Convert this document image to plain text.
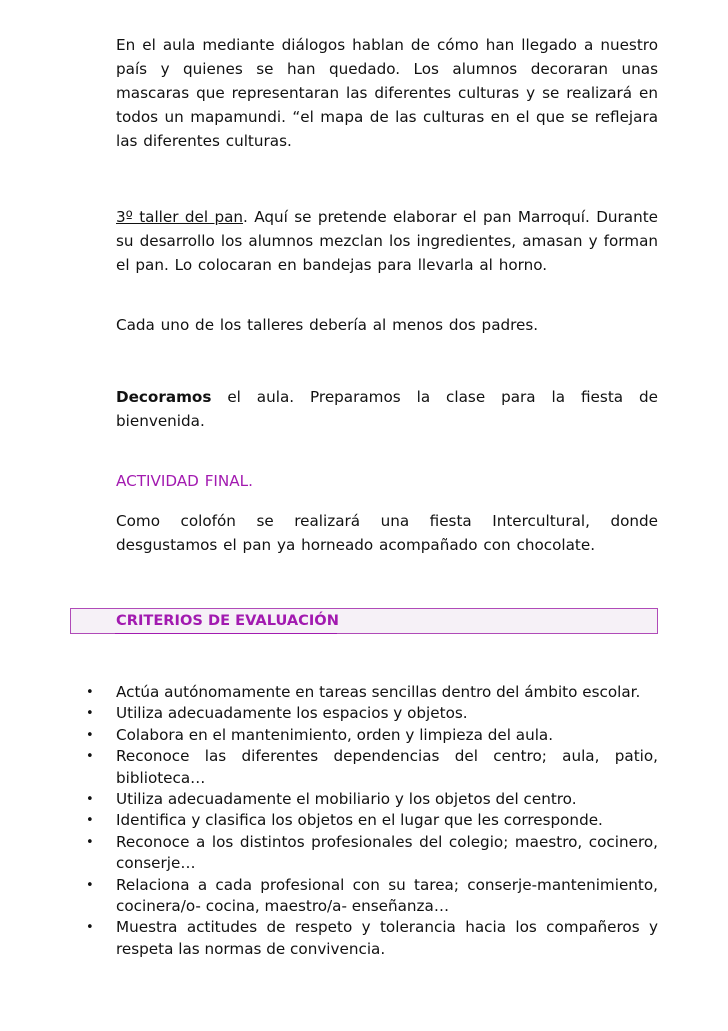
En el aula mediante diálogos hablan de cómo han llegado a nuestro país y quienes se han quedado. Los alumnos decoraran unas mascaras que representaran las diferentes culturas y se realizará en todos un mapamundi. “el mapa de las culturas en el que se reflejara las diferentes culturas.

3º taller del pan. Aquí se pretende elaborar el pan Marroquí. Durante su desarrollo los alumnos mezclan los ingredientes, amasan y forman el pan. Lo colocaran en bandejas para llevarla al horno.

Cada uno de los talleres debería al menos dos padres.

Decoramos el aula. Preparamos la clase para la fiesta de bienvenida.

ACTIVIDAD FINAL.

Como colofón se realizará una fiesta Intercultural, donde desgustamos el pan ya horneado acompañado con chocolate.

CRITERIOS DE EVALUACIÓN
• Actúa autónomamente en tareas sencillas dentro del ámbito escolar.
• Utiliza adecuadamente los espacios y objetos.
• Colabora en el mantenimiento, orden y limpieza del aula.
• Reconoce las diferentes dependencias del centro; aula, patio, biblioteca…
• Utiliza adecuadamente el mobiliario y los objetos del centro.
• Identifica y clasifica los objetos en el lugar que les corresponde.
• Reconoce a los distintos profesionales del colegio; maestro, cocinero, conserje…
• Relaciona a cada profesional con su tarea; conserje-mantenimiento, cocinera/o- cocina, maestro/a- enseñanza…
• Muestra actitudes de respeto y tolerancia hacia los compañeros y respeta las normas de convivencia.
